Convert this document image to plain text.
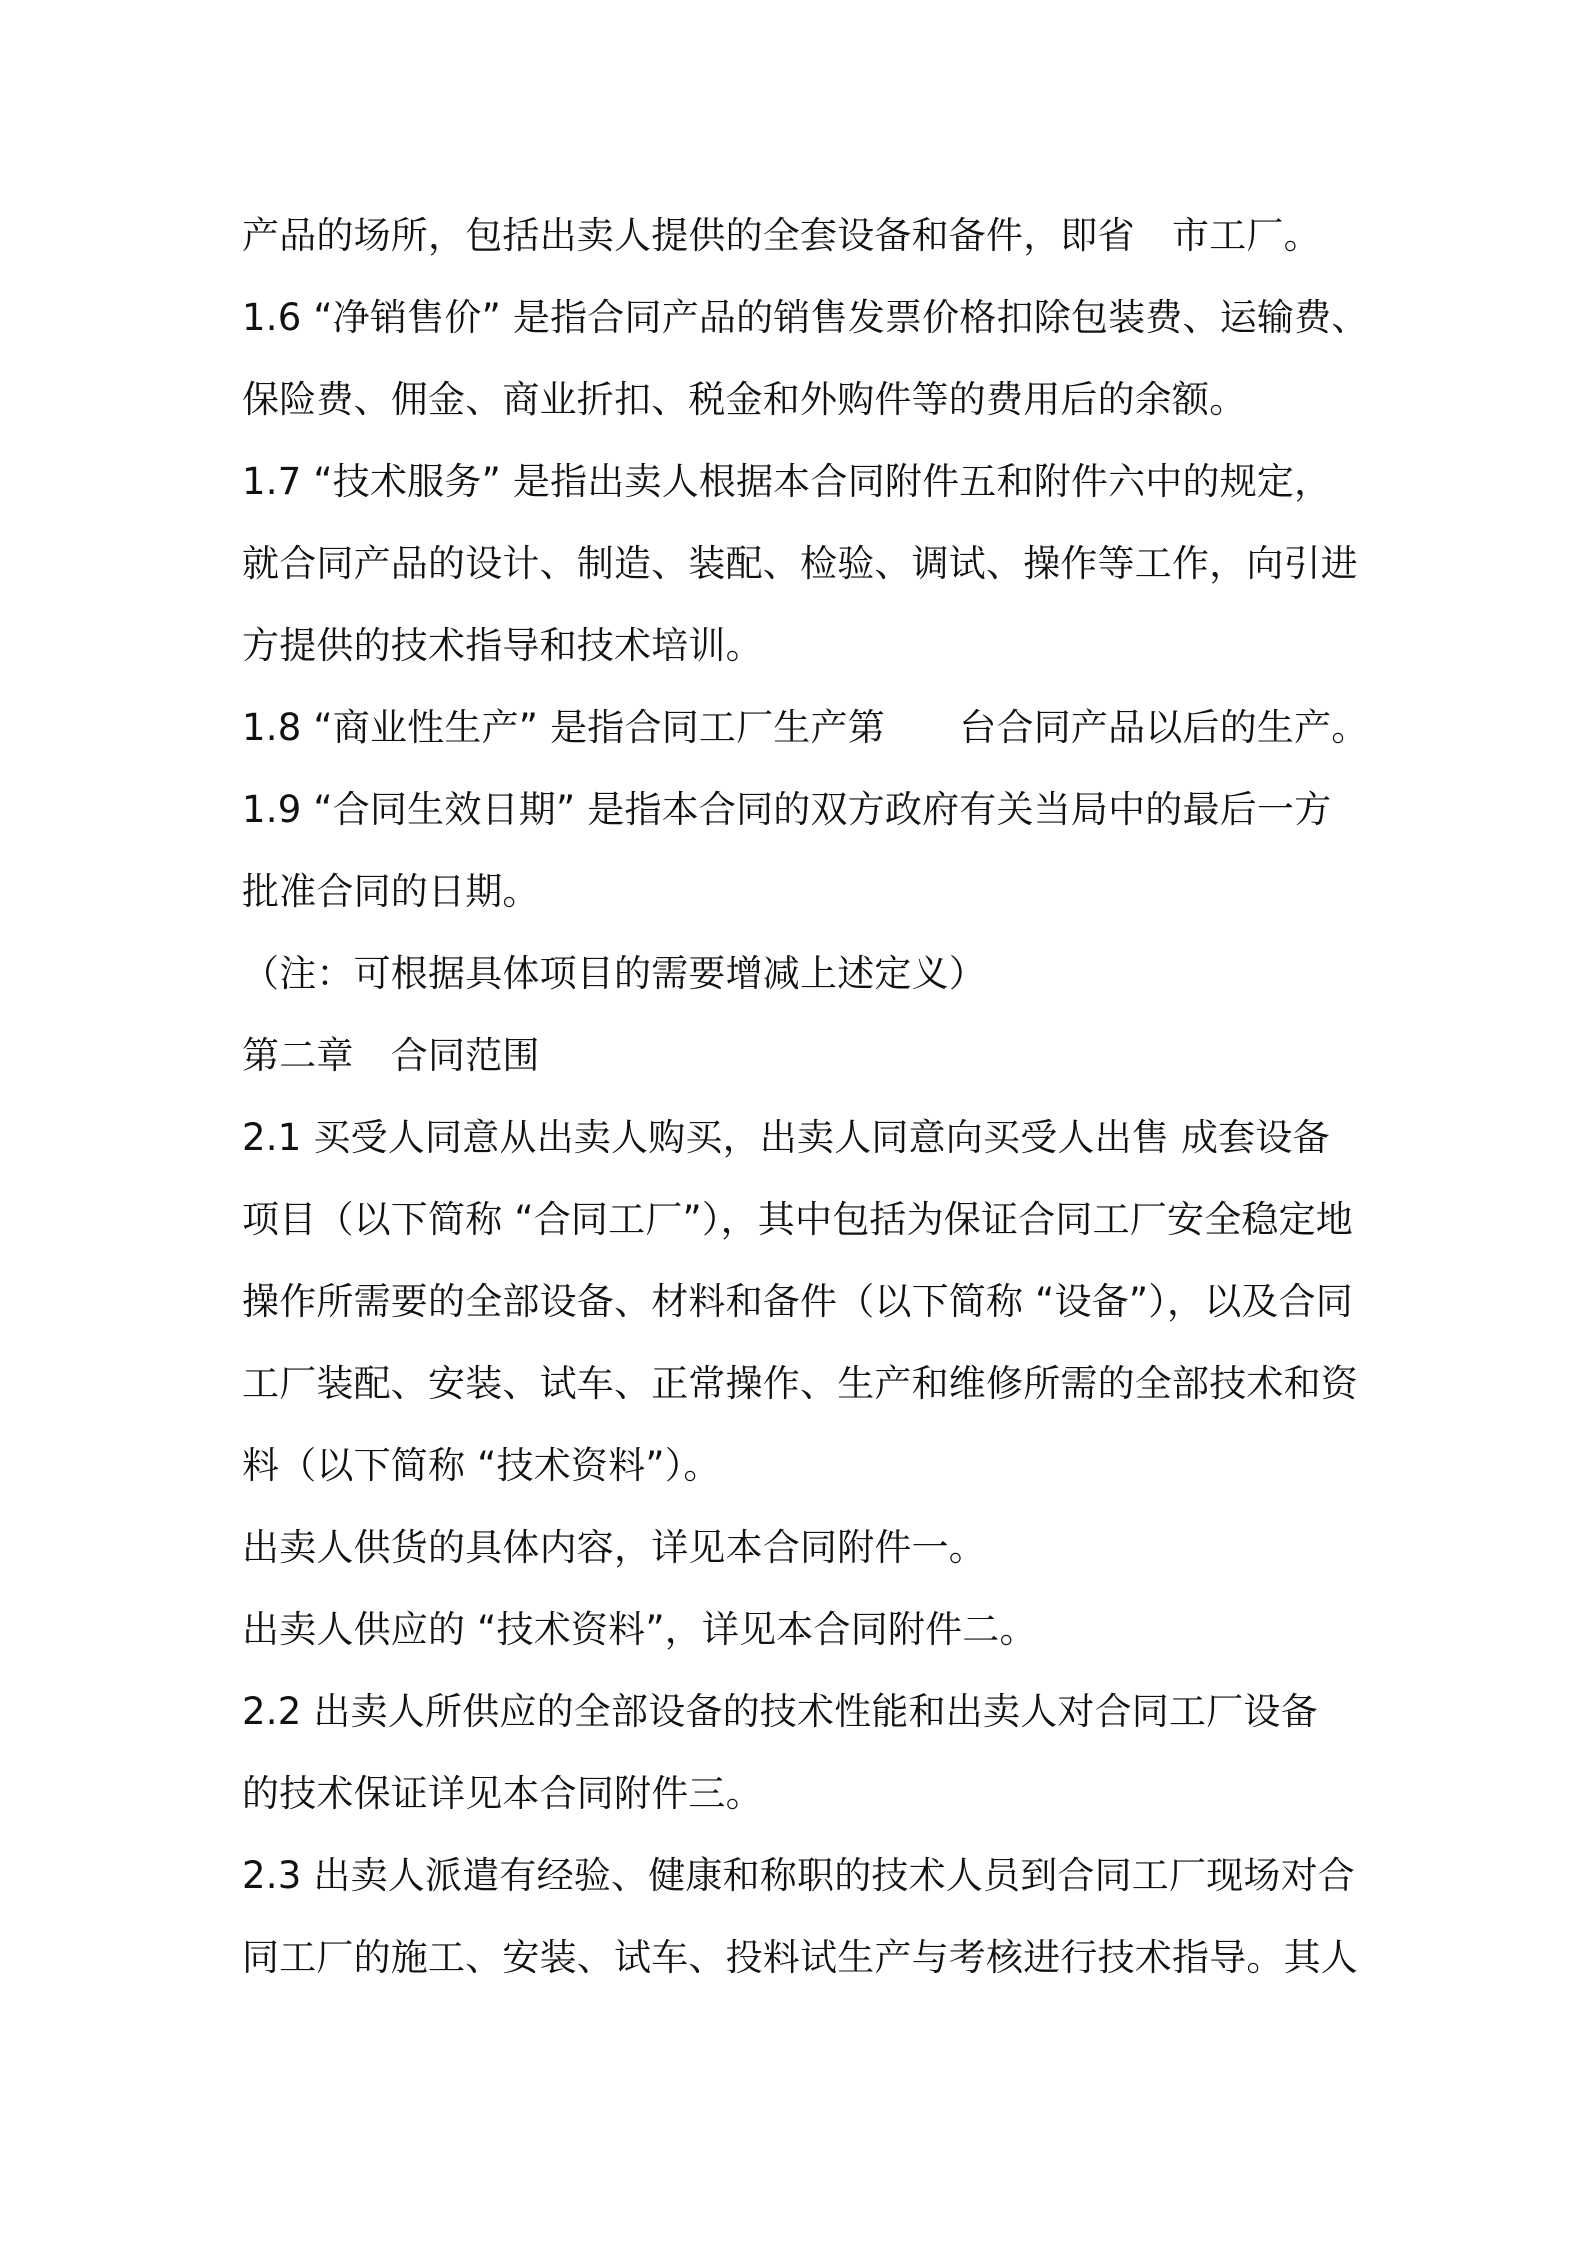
产品的场所，包括出卖人提供的全套设备和备件，即省　市工厂。
1.6 “净销售价” 是指合同产品的销售发票价格扣除包装费、运输费、
保险费、佣金、商业折扣、税金和外购件等的费用后的余额。
1.7 “技术服务” 是指出卖人根据本合同附件五和附件六中的规定，
就合同产品的设计、制造、装配、检验、调试、操作等工作，向引进
方提供的技术指导和技术培训。
1.8 “商业性生产” 是指合同工厂生产第　　台合同产品以后的生产。
1.9 “合同生效日期” 是指本合同的双方政府有关当局中的最后一方
批准合同的日期。
（注：可根据具体项目的需要增减上述定义）
第二章　合同范围
2.1 买受人同意从出卖人购买，出卖人同意向买受人出售 成套设备
项目（以下简称 “合同工厂”），其中包括为保证合同工厂安全稳定地
操作所需要的全部设备、材料和备件（以下简称 “设备”），以及合同
工厂装配、安装、试车、正常操作、生产和维修所需的全部技术和资
料（以下简称 “技术资料”）。
出卖人供货的具体内容，详见本合同附件一。
出卖人供应的 “技术资料”，详见本合同附件二。
2.2 出卖人所供应的全部设备的技术性能和出卖人对合同工厂设备
的技术保证详见本合同附件三。
2.3 出卖人派遣有经验、健康和称职的技术人员到合同工厂现场对合
同工厂的施工、安装、试车、投料试生产与考核进行技术指导。其人
